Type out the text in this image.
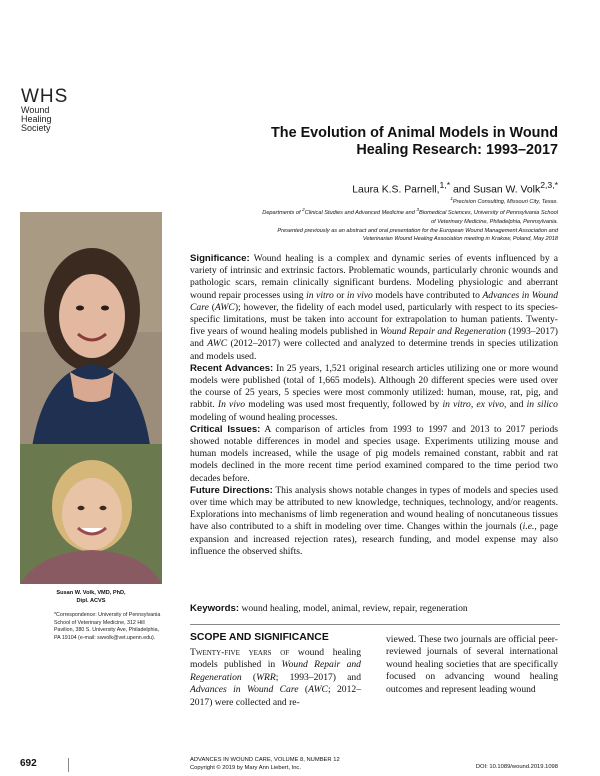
WHS
Wound
Healing
Society	The Evolution of Animal Models in Wound
Healing Research: 1993–2017
Laura K.S. Parnell,$^{1,*}$ and Susan W. Volk$^{2,3,*}$
$^1$Precision Consulting, Missouri City, Texas.
Departments of $^2$Clinical Studies and Advanced Medicine and $^3$Biomedical Sciences, University of Pennsylvania School
of Veterinary Medicine, Philadelphia, Pennsylvania.
Presented previously as an abstract and oral presentation for the European Wound Management Association and
Veterinarian Wound Healing Association meeting in Krakow, Poland, May 2018
Susan W. Volk, VMD, PhD,
Dipl. ACVS
*Correspondence: University of Pennsylvania School of Veterinary Medicine, 312 Hill Pavilion, 380 S. University Ave, Philadelphia, PA 19104 (e-mail: swvolk@vet.upenn.edu).

Significance: Wound healing is a complex and dynamic series of events influenced by a variety of intrinsic and extrinsic factors. Problematic wounds, particularly chronic wounds and pathologic scars, remain clinically significant burdens. Modeling physiologic and aberrant wound repair processes using in vitro or in vivo models have contributed to Advances in Wound Care (AWC); however, the fidelity of each model used, particularly with respect to its species-specific limitations, must be taken into account for extrapolation to human patients. Twenty-five years of wound healing models published in Wound Repair and Regeneration (1993–2017) and AWC (2012–2017) were collected and analyzed to determine trends in species utilization and models used.

Recent Advances: In 25 years, 1,521 original research articles utilizing one or more wound models were published (total of 1,665 models). Although 20 different species were used over the course of 25 years, 5 species were most commonly utilized: human, mouse, rat, pig, and rabbit. In vivo modeling was used most frequently, followed by in vitro, ex vivo, and in silico modeling of wound healing processes.

Critical Issues: A comparison of articles from 1993 to 1997 and 2013 to 2017 periods showed notable differences in model and species usage. Experiments utilizing mouse and human models increased, while the usage of pig models remained constant, rabbit and rat models declined in the more recent time period examined compared to the time period two decades before.

Future Directions: This analysis shows notable changes in types of models and species used over time which may be attributed to new knowledge, techniques, technology, and/or reagents. Explorations into mechanisms of limb regeneration and wound healing of noncutaneous tissues have also contributed to a shift in modeling over time. Changes within the journals (i.e., page expansion and increased rejection rates), research funding, and model expense may also influence the observed shifts.

Keywords: wound healing, model, animal, review, repair, regeneration
SCOPE AND SIGNIFICANCE
Twenty-five years of wound healing models published in Wound Repair and Regeneration (WRR; 1993–2017) and Advances in Wound Care (AWC; 2012–2017) were collected and re-
viewed. These two journals are official peer-reviewed journals of several international wound healing societies that are specifically focused on advancing wound healing outcomes and represent leading wound
692	ADVANCES IN WOUND CARE, VOLUME 8, NUMBER 12
Copyright © 2019 by Mary Ann Liebert, Inc.	DOI: 10.1089/wound.2019.1098
